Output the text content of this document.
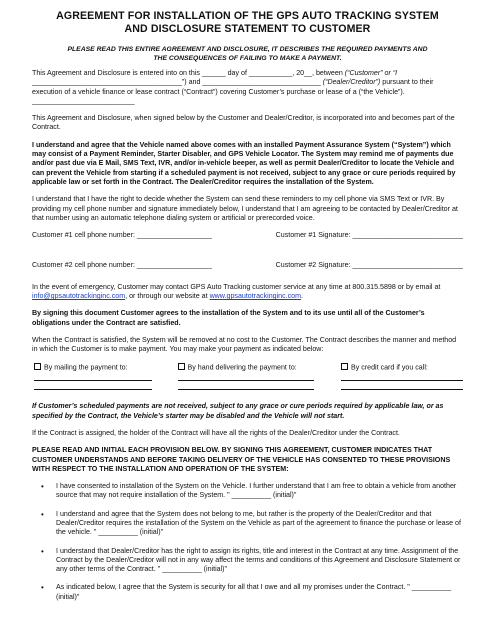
AGREEMENT FOR INSTALLATION OF THE GPS AUTO TRACKING SYSTEM
AND DISCLOSURE STATEMENT TO CUSTOMER
PLEASE READ THIS ENTIRE AGREEMENT AND DISCLOSURE, IT DESCRIBES THE REQUIRED PAYMENTS AND
THE CONSEQUENCES OF FAILING TO MAKE A PAYMENT.

This Agreement and Disclosure is entered into on this ______ day of ___________, 20__, between (“Customer” or “I ______________________________________”) and ______________________________ (“Dealer/Creditor”) pursuant to their execution of a vehicle finance or lease contract (“Contract”) covering Customer’s purchase or lease of a (“the Vehicle”).
__________________________

This Agreement and Disclosure, when signed below by the Customer and Dealer/Creditor, is incorporated into and becomes part of the Contract.

I understand and agree that the Vehicle named above comes with an installed Payment Assurance System (“System”) which may consist of a Payment Reminder, Starter Disabler, and GPS Vehicle Locator. The System may remind me of payments due and/or past due via E Mail, SMS Text, IVR, and/or in-vehicle beeper, as well as permit Dealer/Creditor to locate the Vehicle and can prevent the Vehicle from starting if a scheduled payment is not received, subject to any grace or cure periods required by applicable law or set forth in the Contract. The Dealer/Creditor requires the installation of the System.

I understand that I have the right to decide whether the System can send these reminders to my cell phone via SMS Text or IVR. By providing my cell phone number and signature immediately below, I understand that I am agreeing to be contacted by Dealer/Creditor at that number using an automatic telephone dialing system or artificial or prerecorded voice.

Customer #1 cell phone number: ___________________	Customer #1 Signature: ____________________________
Customer #2 cell phone number: ___________________	Customer #2 Signature: ____________________________

In the event of emergency, Customer may contact GPS Auto Tracking customer service at any time at 800.315.5898 or by email at info@gpsautotrackinginc.com, or through our website at www.gpsautotrackinginc.com.

By signing this document Customer agrees to the installation of the System and to its use until all of the Customer’s obligations under the Contract are satisfied.

When the Contract is satisfied, the System will be removed at no cost to the Customer. The Contract describes the manner and method in which the Customer is to make payment. You may make your payment as indicated below:

By mailing the payment to:	By hand delivering the payment to:	By credit card if you call:

If Customer’s scheduled payments are not received, subject to any grace or cure periods required by applicable law, or as specified by the Contract, the Vehicle’s starter may be disabled and the Vehicle will not start.

If the Contract is assigned, the holder of the Contract will have all the rights of the Dealer/Creditor under the Contract.

PLEASE READ AND INITIAL EACH PROVISION BELOW. BY SIGNING THIS AGREEMENT, CUSTOMER INDICATES THAT CUSTOMER UNDERSTANDS AND BEFORE TAKING DELIVERY OF THE VEHICLE HAS CONSENTED TO THESE PROVISIONS WITH RESPECT TO THE INSTALLATION AND OPERATION OF THE SYSTEM:

• I have consented to installation of the System on the Vehicle. I further understand that I am free to obtain a vehicle from another source that may not require installation of the System. " __________ (initial)"
• I understand and agree that the System does not belong to me, but rather is the property of the Dealer/Creditor and that Dealer/Creditor requires the installation of the System on the Vehicle as part of the agreement to finance the purchase or lease of the vehicle. " __________ (initial)"
• I understand that Dealer/Creditor has the right to assign its rights, title and interest in the Contract at any time. Assignment of the Contract by the Dealer/Creditor will not in any way affect the terms and conditions of this Agreement and Disclosure Statement or any other terms of the Contract. " __________ (initial)"
• As indicated below, I agree that the System is security for all that I owe and all my promises under the Contract. " __________ (initial)"
